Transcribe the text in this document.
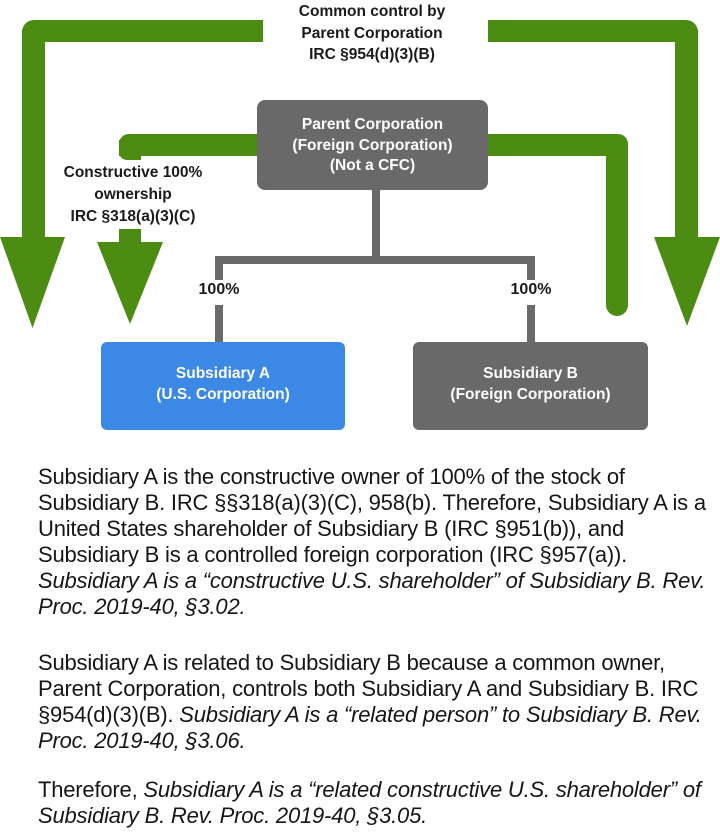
Parent Corporation
(Foreign Corporation)
(Not a CFC)
Subsidiary A
(U.S. Corporation)
Subsidiary B
(Foreign Corporation)
Common control by
Parent Corporation
IRC §954(d)(3)(B)
Constructive 100%
ownership
IRC §318(a)(3)(C)
100%	100%

Subsidiary A is the constructive owner of 100% of the stock of Subsidiary B. IRC §§318(a)(3)(C), 958(b). Therefore, Subsidiary A is a United States shareholder of Subsidiary B (IRC §951(b)), and Subsidiary B is a controlled foreign corporation (IRC §957(a)). Subsidiary A is a “constructive U.S. shareholder” of Subsidiary B. Rev. Proc. 2019-40, §3.02.

Subsidiary A is related to Subsidiary B because a common owner, Parent Corporation, controls both Subsidiary A and Subsidiary B. IRC §954(d)(3)(B). Subsidiary A is a “related person” to Subsidiary B. Rev. Proc. 2019-40, §3.06.

Therefore, Subsidiary A is a “related constructive U.S. shareholder” of Subsidiary B. Rev. Proc. 2019-40, §3.05.
